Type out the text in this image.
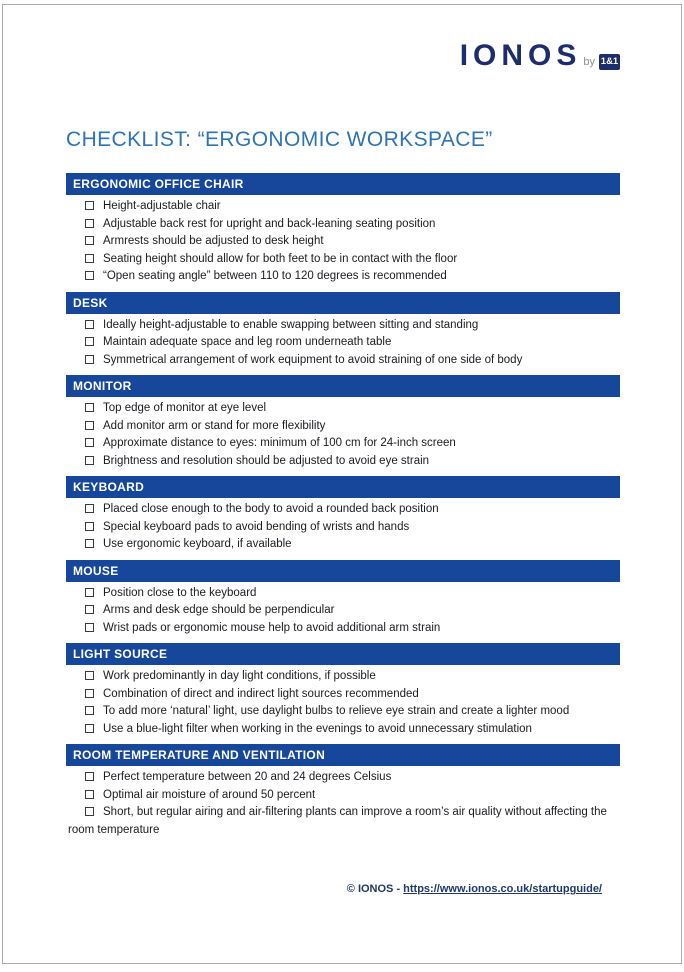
IONOS by 1&1
CHECKLIST: “ERGONOMIC WORKSPACE”
ERGONOMIC OFFICE CHAIR
Height-adjustable chair
Adjustable back rest for upright and back-leaning seating position
Armrests should be adjusted to desk height
Seating height should allow for both feet to be in contact with the floor
“Open seating angle” between 110 to 120 degrees is recommended
DESK
Ideally height-adjustable to enable swapping between sitting and standing
Maintain adequate space and leg room underneath table
Symmetrical arrangement of work equipment to avoid straining of one side of body
MONITOR
Top edge of monitor at eye level
Add monitor arm or stand for more flexibility
Approximate distance to eyes: minimum of 100 cm for 24-inch screen
Brightness and resolution should be adjusted to avoid eye strain
KEYBOARD
Placed close enough to the body to avoid a rounded back position
Special keyboard pads to avoid bending of wrists and hands
Use ergonomic keyboard, if available
MOUSE
Position close to the keyboard
Arms and desk edge should be perpendicular
Wrist pads or ergonomic mouse help to avoid additional arm strain
LIGHT SOURCE
Work predominantly in day light conditions, if possible
Combination of direct and indirect light sources recommended
To add more ‘natural’ light, use daylight bulbs to relieve eye strain and create a lighter mood
Use a blue-light filter when working in the evenings to avoid unnecessary stimulation
ROOM TEMPERATURE AND VENTILATION
Perfect temperature between 20 and 24 degrees Celsius
Optimal air moisture of around 50 percent
Short, but regular airing and air-filtering plants can improve a room’s air quality without affecting the room temperature
© IONOS - https://www.ionos.co.uk/startupguide/
